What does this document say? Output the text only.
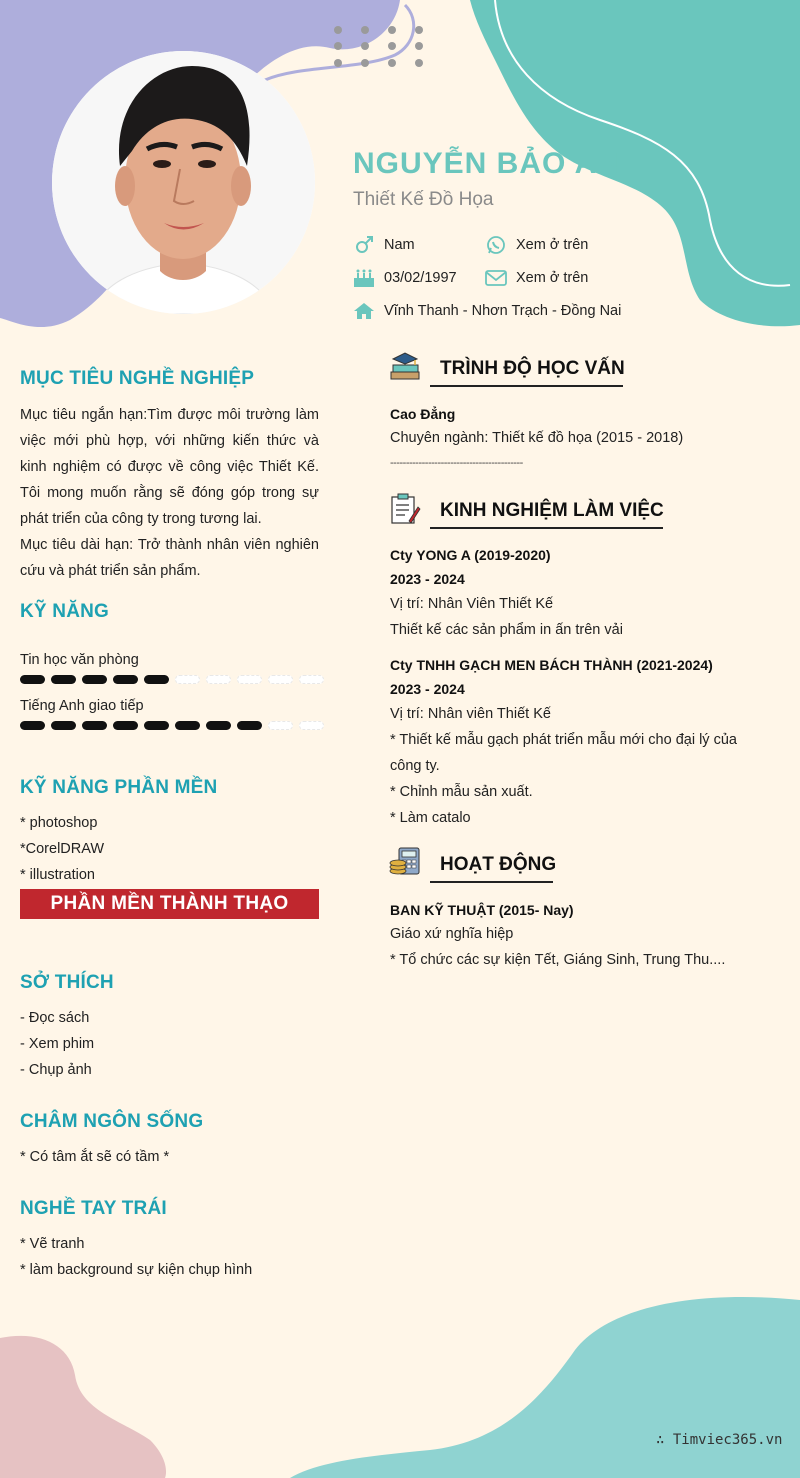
NGUYỄN BẢO ANH
Thiết Kế Đồ Họa
Nam
03/02/1997
Vĩnh Thanh - Nhơn Trạch - Đồng Nai
Xem ở trên
Xem ở trên
MỤC TIÊU NGHỀ NGHIỆP
Mục tiêu ngắn hạn:Tìm được môi trường làm việc mới phù hợp, với những kiến thức và kinh nghiệm có được về công việc Thiết Kế. Tôi mong muốn rằng sẽ đóng góp trong sự phát triển của công ty trong tương lai.
Mục tiêu dài hạn: Trở thành nhân viên nghiên cứu và phát triển sản phẩm.
KỸ NĂNG
Tin học văn phòng
Tiếng Anh giao tiếp
KỸ NĂNG PHẦN MỀN
* photoshop
*CorelDRAW
* illustration
PHẦN MỀN THÀNH THẠO
SỞ THÍCH
- Đọc sách
- Xem phim
- Chụp ảnh
CHÂM NGÔN SỐNG
* Có tâm ắt sẽ có tầm *
NGHỀ TAY TRÁI
* Vẽ tranh
* làm background sự kiện chụp hình
TRÌNH ĐỘ HỌC VẤN
Cao Đẳng
Chuyên ngành: Thiết kế đồ họa (2015 - 2018)
------------------------------------------
KINH NGHIỆM LÀM VIỆC
Cty YONG A (2019-2020)
2023 - 2024
Vị trí: Nhân Viên Thiết Kế
Thiết kế các sản phẩm in ấn trên vải
Cty TNHH GẠCH MEN BÁCH THÀNH (2021-2024)
2023 - 2024
Vị trí: Nhân viên Thiết Kế
* Thiết kế mẫu gạch phát triển mẫu mới cho đại lý của
công ty.
* Chỉnh mẫu sản xuất.
* Làm catalo
HOẠT ĐỘNG
BAN KỸ THUẬT (2015- Nay)
Giáo xứ nghĩa hiệp
* Tổ chức các sự kiện Tết, Giáng Sinh, Trung Thu....
∴ Timviec365.vn
